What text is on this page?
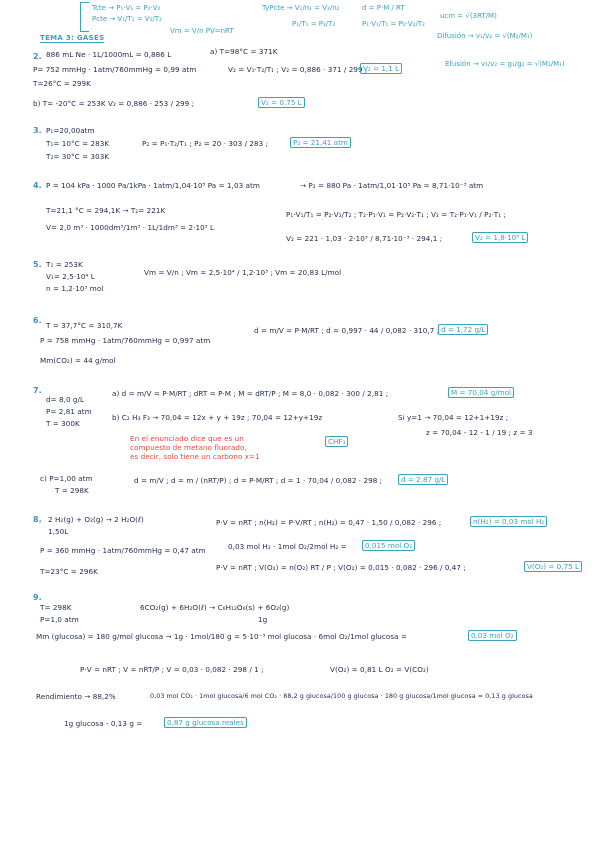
Tcte → P₁·V₁ = P₂·V₂
Pcte → V₁/T₁ = V₂/T₂
Vm = V/n PV=nRT
TyPcte → V₁/n₁ = V₂/n₂
P₁/T₁ = P₂/T₂
d = P·M / RT
P₁·V₁/T₁ = P₂·V₂/T₂
ucm = √(3RT/M)
Difusión → v₁/v₂ = √(M₂/M₁)
Efusión → v₁/v₂ = g₁/g₂ = √(M₂/M₁)
TEMA 3: GASES
2. 886 mL Ne · 1L/1000mL = 0,886 L
P= 752 mmHg · 1atm/760mmHg = 0,99 atm
T=26°C = 299K
a) T=98°C = 371K
V₂ = V₁·T₂/T₁ ; V₂ = 0,886 · 371 / 299 ;
V₂ = 1,1 L
b) T= -20°C = 253K V₂ = 0,886 · 253 / 299 ;	V₂ = 0,75 L
3. P₁=20,00atm
T₁= 10°C = 283K
T₂= 30°C = 303K
P₂ = P₁·T₂/T₁ ; P₂ = 20 · 303 / 283 ;	P₂ = 21,41 atm
4. P = 104 kPa · 1000 Pa/1kPa · 1atm/1,04·10⁵ Pa = 1,03 atm	→ P₂ = 880 Pa · 1atm/1,01·10⁵ Pa = 8,71·10⁻³ atm
T=21,1 °C = 294,1K → T₂= 221K
V= 2,0 m³ · 1000dm³/1m³ · 1L/1dm³ = 2·10³ L
P₁·V₁/T₁ = P₂·V₂/T₂ ; T₂·P₁·V₁ = P₂·V₂·T₁ ; V₂ = T₂·P₁·V₁ / P₂·T₁ ;
V₂ = 221 · 1,03 · 2·10³ / 8,71·10⁻³ · 294,1 ;	V₂ = 1,8·10⁵ L
5. T₁ = 253K
V₁= 2,5·10⁴ L
n = 1,2·10³ mol
Vm = V/n ; Vm = 2,5·10⁴ / 1,2·10³ ; Vm = 20,83 L/mol
6.
T = 37,7°C = 310,7K
P = 758 mmHg · 1atm/760mmHg = 0,997 atm
Mm(CO₂) = 44 g/mol
d = m/V = P·M/RT ; d = 0,997 · 44 / 0,082 · 310,7 ; d = 1,72 g/L
7.
d= 8,0 g/L
P= 2,81 atm
T = 300K
a) d = m/V = P·M/RT ; dRT = P·M ; M = dRT/P ; M = 8,0 · 0,082 · 300 / 2,81 ;	M = 70,04 g/mol
b) C₂ H₃ F₃ → 70,04 = 12x + y + 19z ; 70,04 = 12+y+19z	Si y=1 → 70,04 = 12+1+19z ;
z = 70,04 - 12 - 1 / 19 ; z = 3
En el enunciado dice que es un
compuesto de metano fluorado,
es decir, solo tiene un carbono x=1
CHF₃
c) P=1,00 atm
T = 298K
d = m/V ; d = m / (nRT/P) ; d = P·M/RT ; d = 1 · 70,04 / 0,082 · 298 ;	d = 2,87 g/L
8. 2 H₂(g) + O₂(g) → 2 H₂O(ℓ)
1,50L
P = 360 mmHg · 1atm/760mmHg = 0,47 atm
T=23°C = 296K
P·V = nRT ; n(H₂) = P·V/RT ; n(H₂) = 0,47 · 1,50 / 0,082 · 296 ;	n(H₂) = 0,03 mol H₂
0,03 mol H₂ · 1mol O₂/2mol H₂ =	0,015 mol O₂
P·V = nRT ; V(O₂) = n(O₂) RT / P ; V(O₂) = 0,015 · 0,082 · 296 / 0,47 ;	V(O₂) = 0,75 L
9.
T= 298K
P=1,0 atm
6CO₂(g) + 6H₂O(ℓ) → C₆H₁₂O₆(s) + 6O₂(g)
1g
Mm (glucosa) = 180 g/mol glucosa → 1g · 1mol/180 g = 5·10⁻³ mol glucosa · 6mol O₂/1mol glucosa =	0,03 mol O₂
P·V = nRT ; V = nRT/P ; V = 0,03 · 0,082 · 298 / 1 ;	V(O₂) = 0,81 L O₂ = V(CO₂)
Rendimiento → 88,2%	0,03 mol CO₂ · 1mol glucosa/6 mol CO₂ · 88,2 g glucosa/100 g glucosa · 180 g glucosa/1mol glucosa = 0,13 g glucosa
1g glucosa - 0,13 g =	0,87 g glucosa reales
